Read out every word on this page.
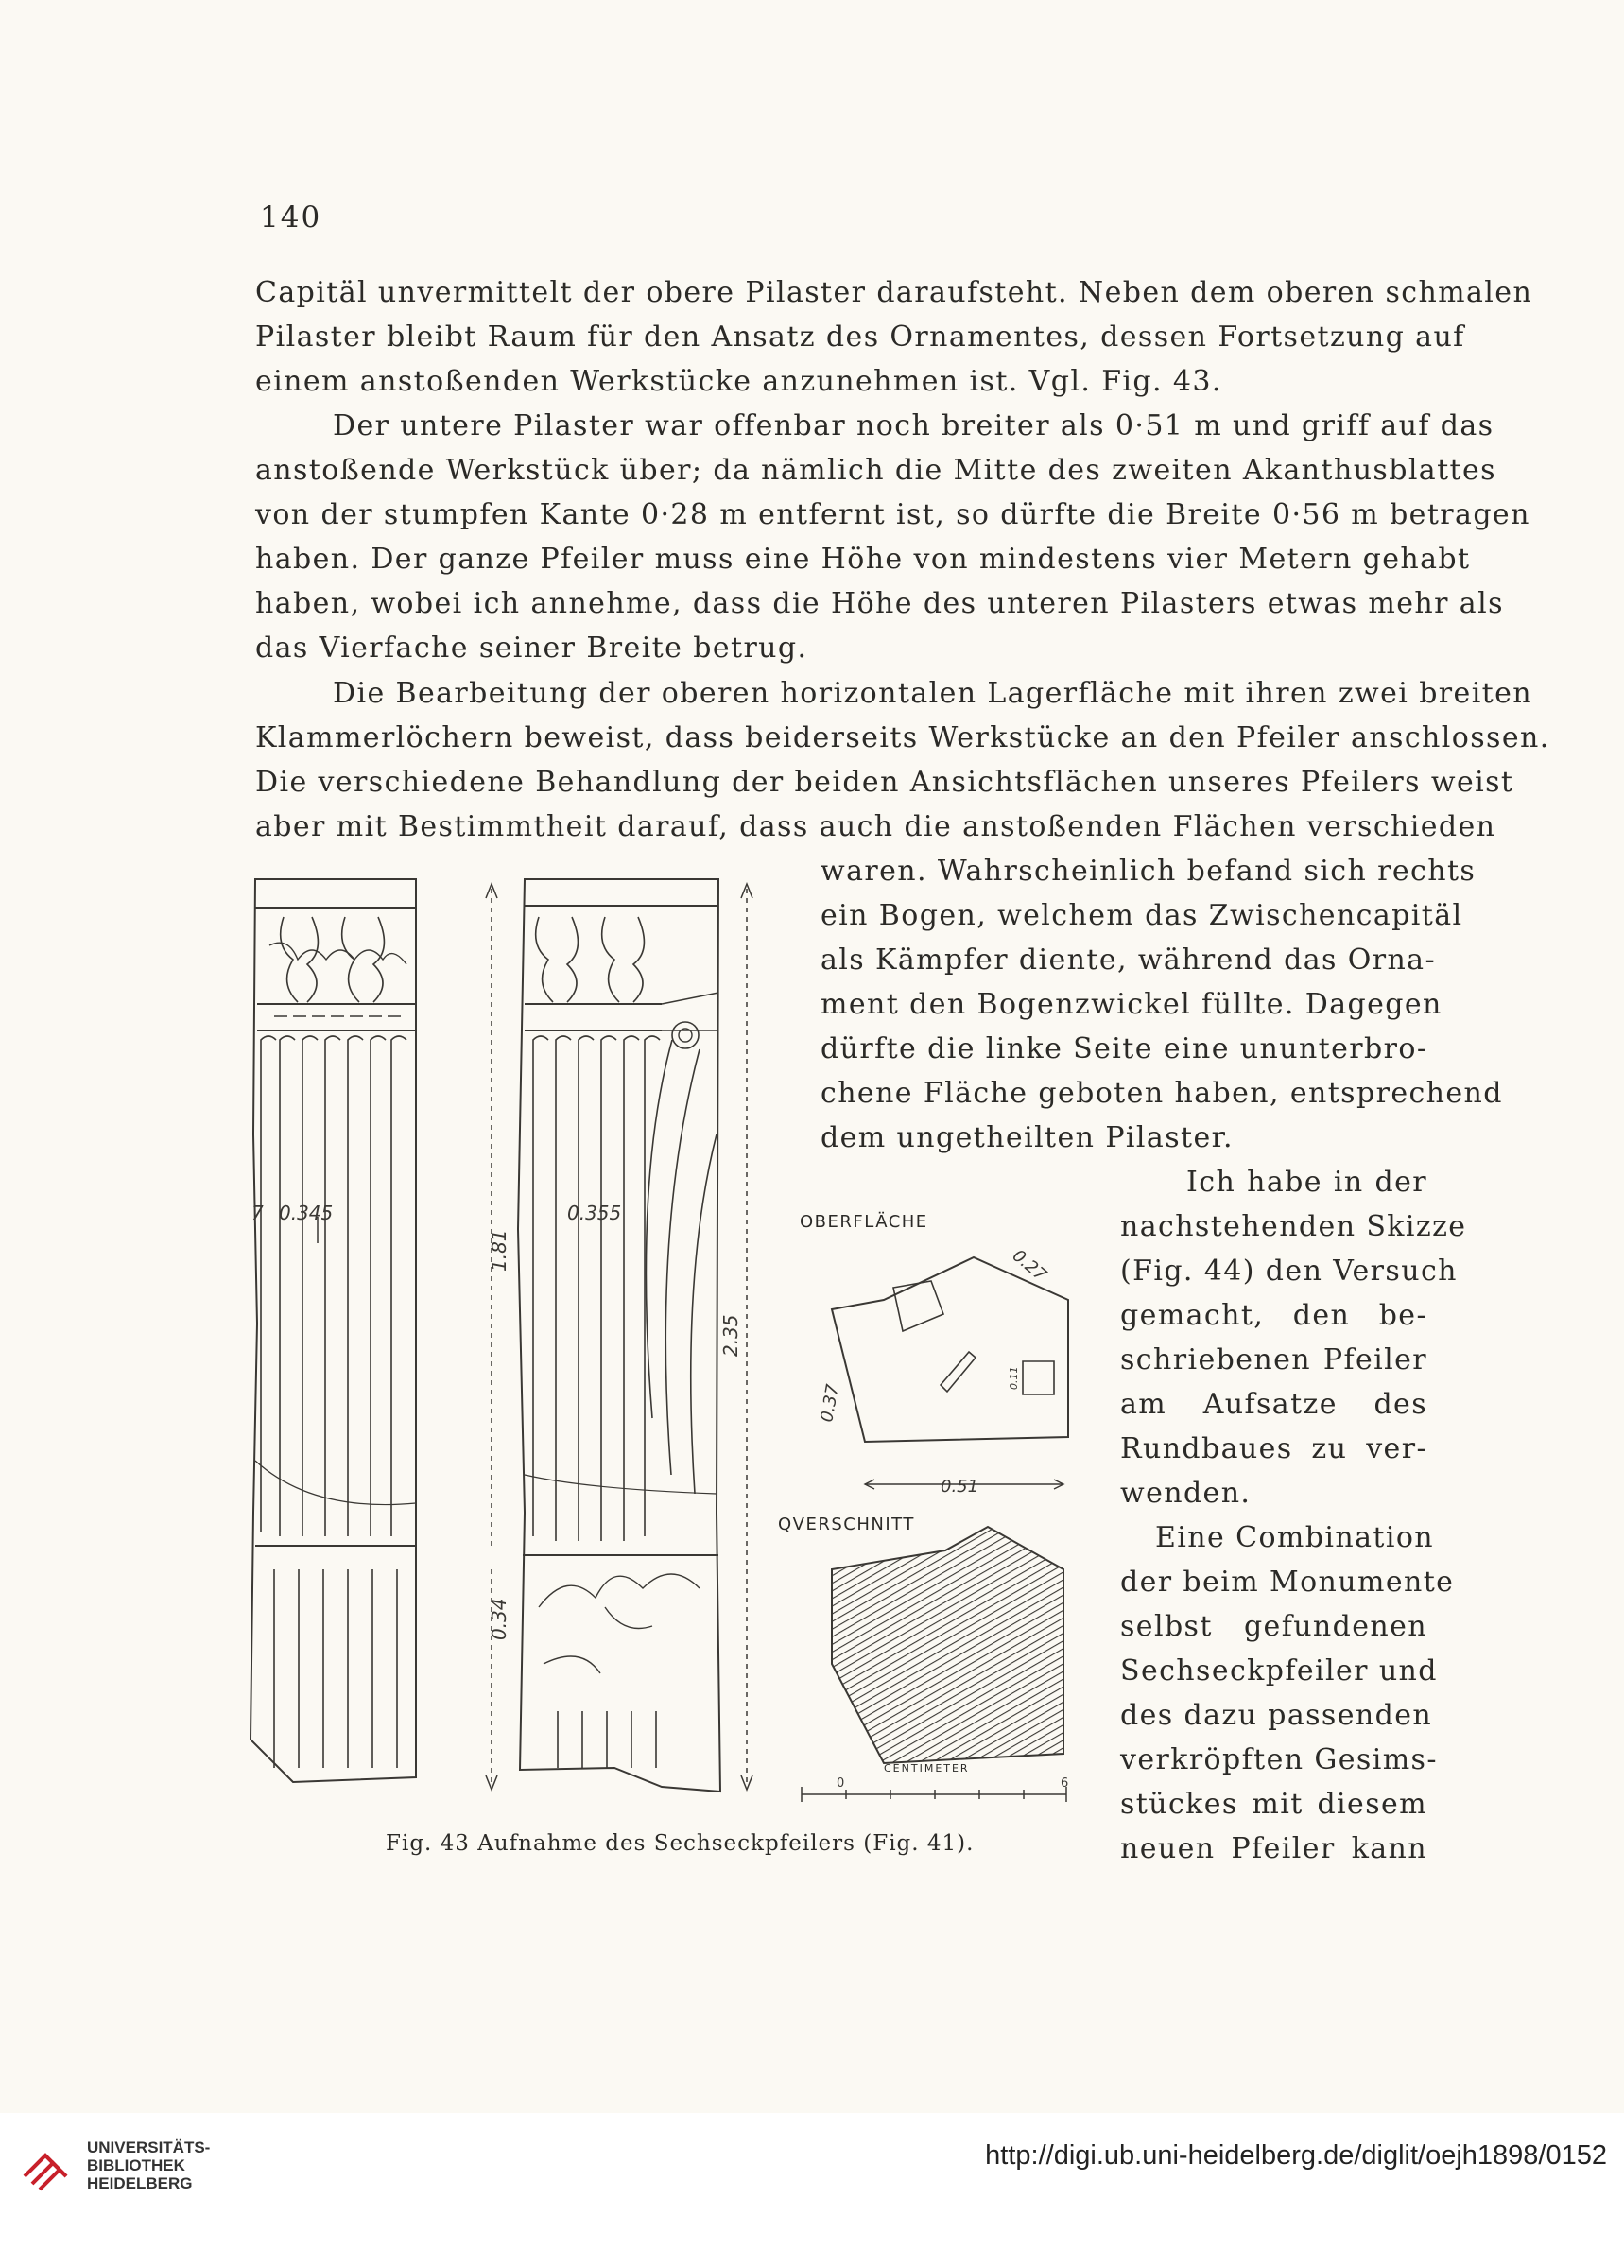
140
Capitäl unvermittelt der obere Pilaster daraufsteht. Neben dem oberen schmalen
Pilaster bleibt Raum für den Ansatz des Ornamentes, dessen Fortsetzung auf
einem anstoßenden Werkstücke anzunehmen ist. Vgl. Fig. 43.
Der untere Pilaster war offenbar noch breiter als 0·51 m und griff auf das
anstoßende Werkstück über; da nämlich die Mitte des zweiten Akanthusblattes
von der stumpfen Kante 0·28 m entfernt ist, so dürfte die Breite 0·56 m betragen
haben. Der ganze Pfeiler muss eine Höhe von mindestens vier Metern gehabt
haben, wobei ich annehme, dass die Höhe des unteren Pilasters etwas mehr als
das Vierfache seiner Breite betrug.
Die Bearbeitung der oberen horizontalen Lagerfläche mit ihren zwei breiten
Klammerlöchern beweist, dass beiderseits Werkstücke an den Pfeiler anschlossen.
Die verschiedene Behandlung der beiden Ansichtsflächen unseres Pfeilers weist
aber mit Bestimmtheit darauf, dass auch die anstoßenden Flächen verschieden
waren. Wahrscheinlich befand sich rechts
ein Bogen, welchem das Zwischencapitäl
als Kämpfer diente, während das Orna-
ment den Bogenzwickel füllte. Dagegen
dürfte die linke Seite eine ununterbro-
chene Fläche geboten haben, entsprechend
dem ungetheilten Pilaster.
Ich habe in der
nachstehenden Skizze
(Fig. 44) den Versuch
gemacht, den be-
schriebenen Pfeiler
am Aufsatze des
Rundbaues zu ver-
wenden.
Eine Combination
der beim Monumente
selbst gefundenen
Sechseckpfeiler und
des dazu passenden
verkröpften Gesims-
stückes mit diesem
neuen Pfeiler kann
7 0.345	0.355
1.81
2.35
0.34
0.27
0.37
0.51
0.11
0	6
OBERFLÄCHE
QVERSCHNITT
CENTIMETER
Fig. 43 Aufnahme des Sechseckpfeilers (Fig. 41).
UNIVERSITÄTS-
BIBLIOTHEK
HEIDELBERG
http://digi.ub.uni-heidelberg.de/diglit/oejh1898/0152
